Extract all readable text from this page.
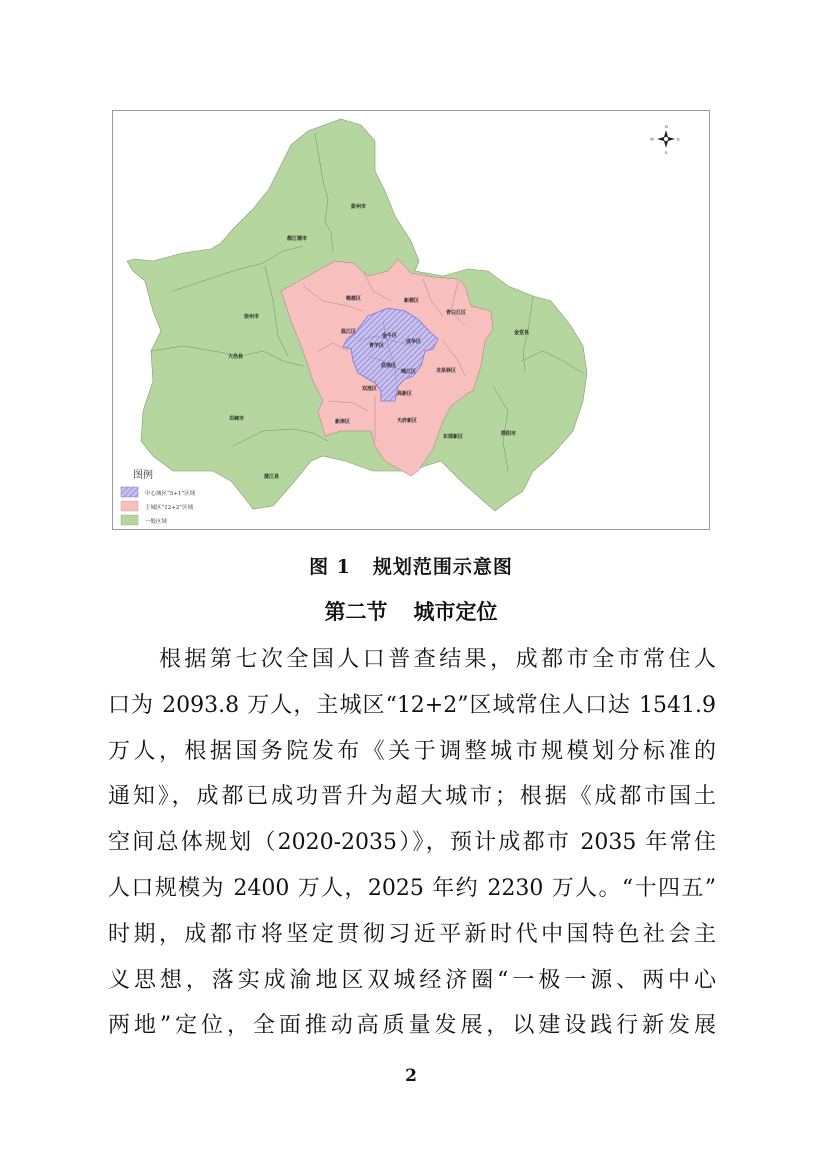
彭州市
都江堰市
崇州市
大邑县
邛崃市
蒲江县
金堂县
简阳市
东部新区
郫都区	新都区
青白江区
温江区
龙泉驿区
双流区
新津区	天府新区
金牛区
青羊区
成华区
武侯区
锦江区
高新区
N
S
E
W
图例
中心城区“5+1”区域
主城区“12+2”区域
一般区域
图 1 规划范围示意图
第二节 城市定位
　　根据第七次全国人口普查结果，成都市全市常住人
口为 2093.8 万人，主城区“12+2”区域常住人口达 1541.9
万人，根据国务院发布《关于调整城市规模划分标准的
通知》，成都已成功晋升为超大城市；根据《成都市国土
空间总体规划（2020-2035）》，预计成都市 2035 年常住
人口规模为 2400 万人，2025 年约 2230 万人。“十四五”
时期，成都市将坚定贯彻习近平新时代中国特色社会主
义思想，落实成渝地区双城经济圈“一极一源、两中心
两地”定位，全面推动高质量发展，以建设践行新发展
2
